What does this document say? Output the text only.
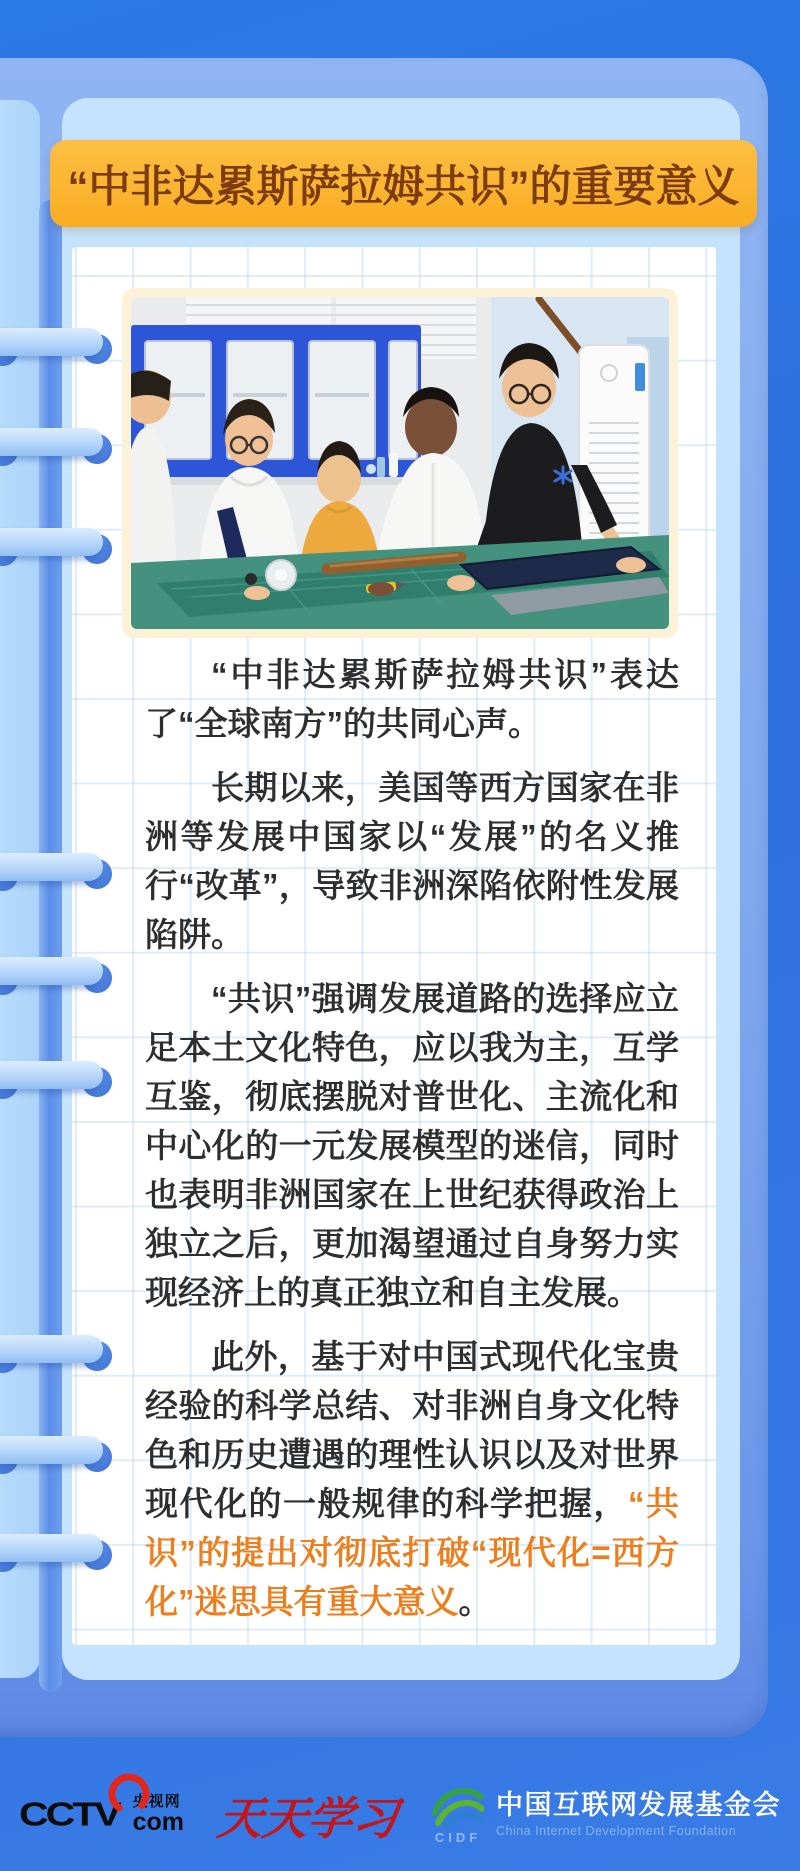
“中非达累斯萨拉姆共识”的重要意义

“中非达累斯萨拉姆共识”表达了“全球南方”的共同心声。

长期以来，美国等西方国家在非洲等发展中国家以“发展”的名义推行“改革”，导致非洲深陷依附性发展陷阱。

“共识”强调发展道路的选择应立足本土文化特色，应以我为主，互学互鉴，彻底摆脱对普世化、主流化和中心化的一元发展模型的迷信，同时也表明非洲国家在上世纪获得政治上独立之后，更加渴望通过自身努力实现经济上的真正独立和自主发展。

此外，基于对中国式现代化宝贵经验的科学总结、对非洲自身文化特色和历史遭遇的理性认识以及对世界现代化的一般规律的科学把握，“共识”的提出对彻底打破“现代化=西方化”迷思具有重大意义。

CCTV 央视网
com 天天学习	CIDF
中国互联网发展基金会
China Internet Development Foundation
